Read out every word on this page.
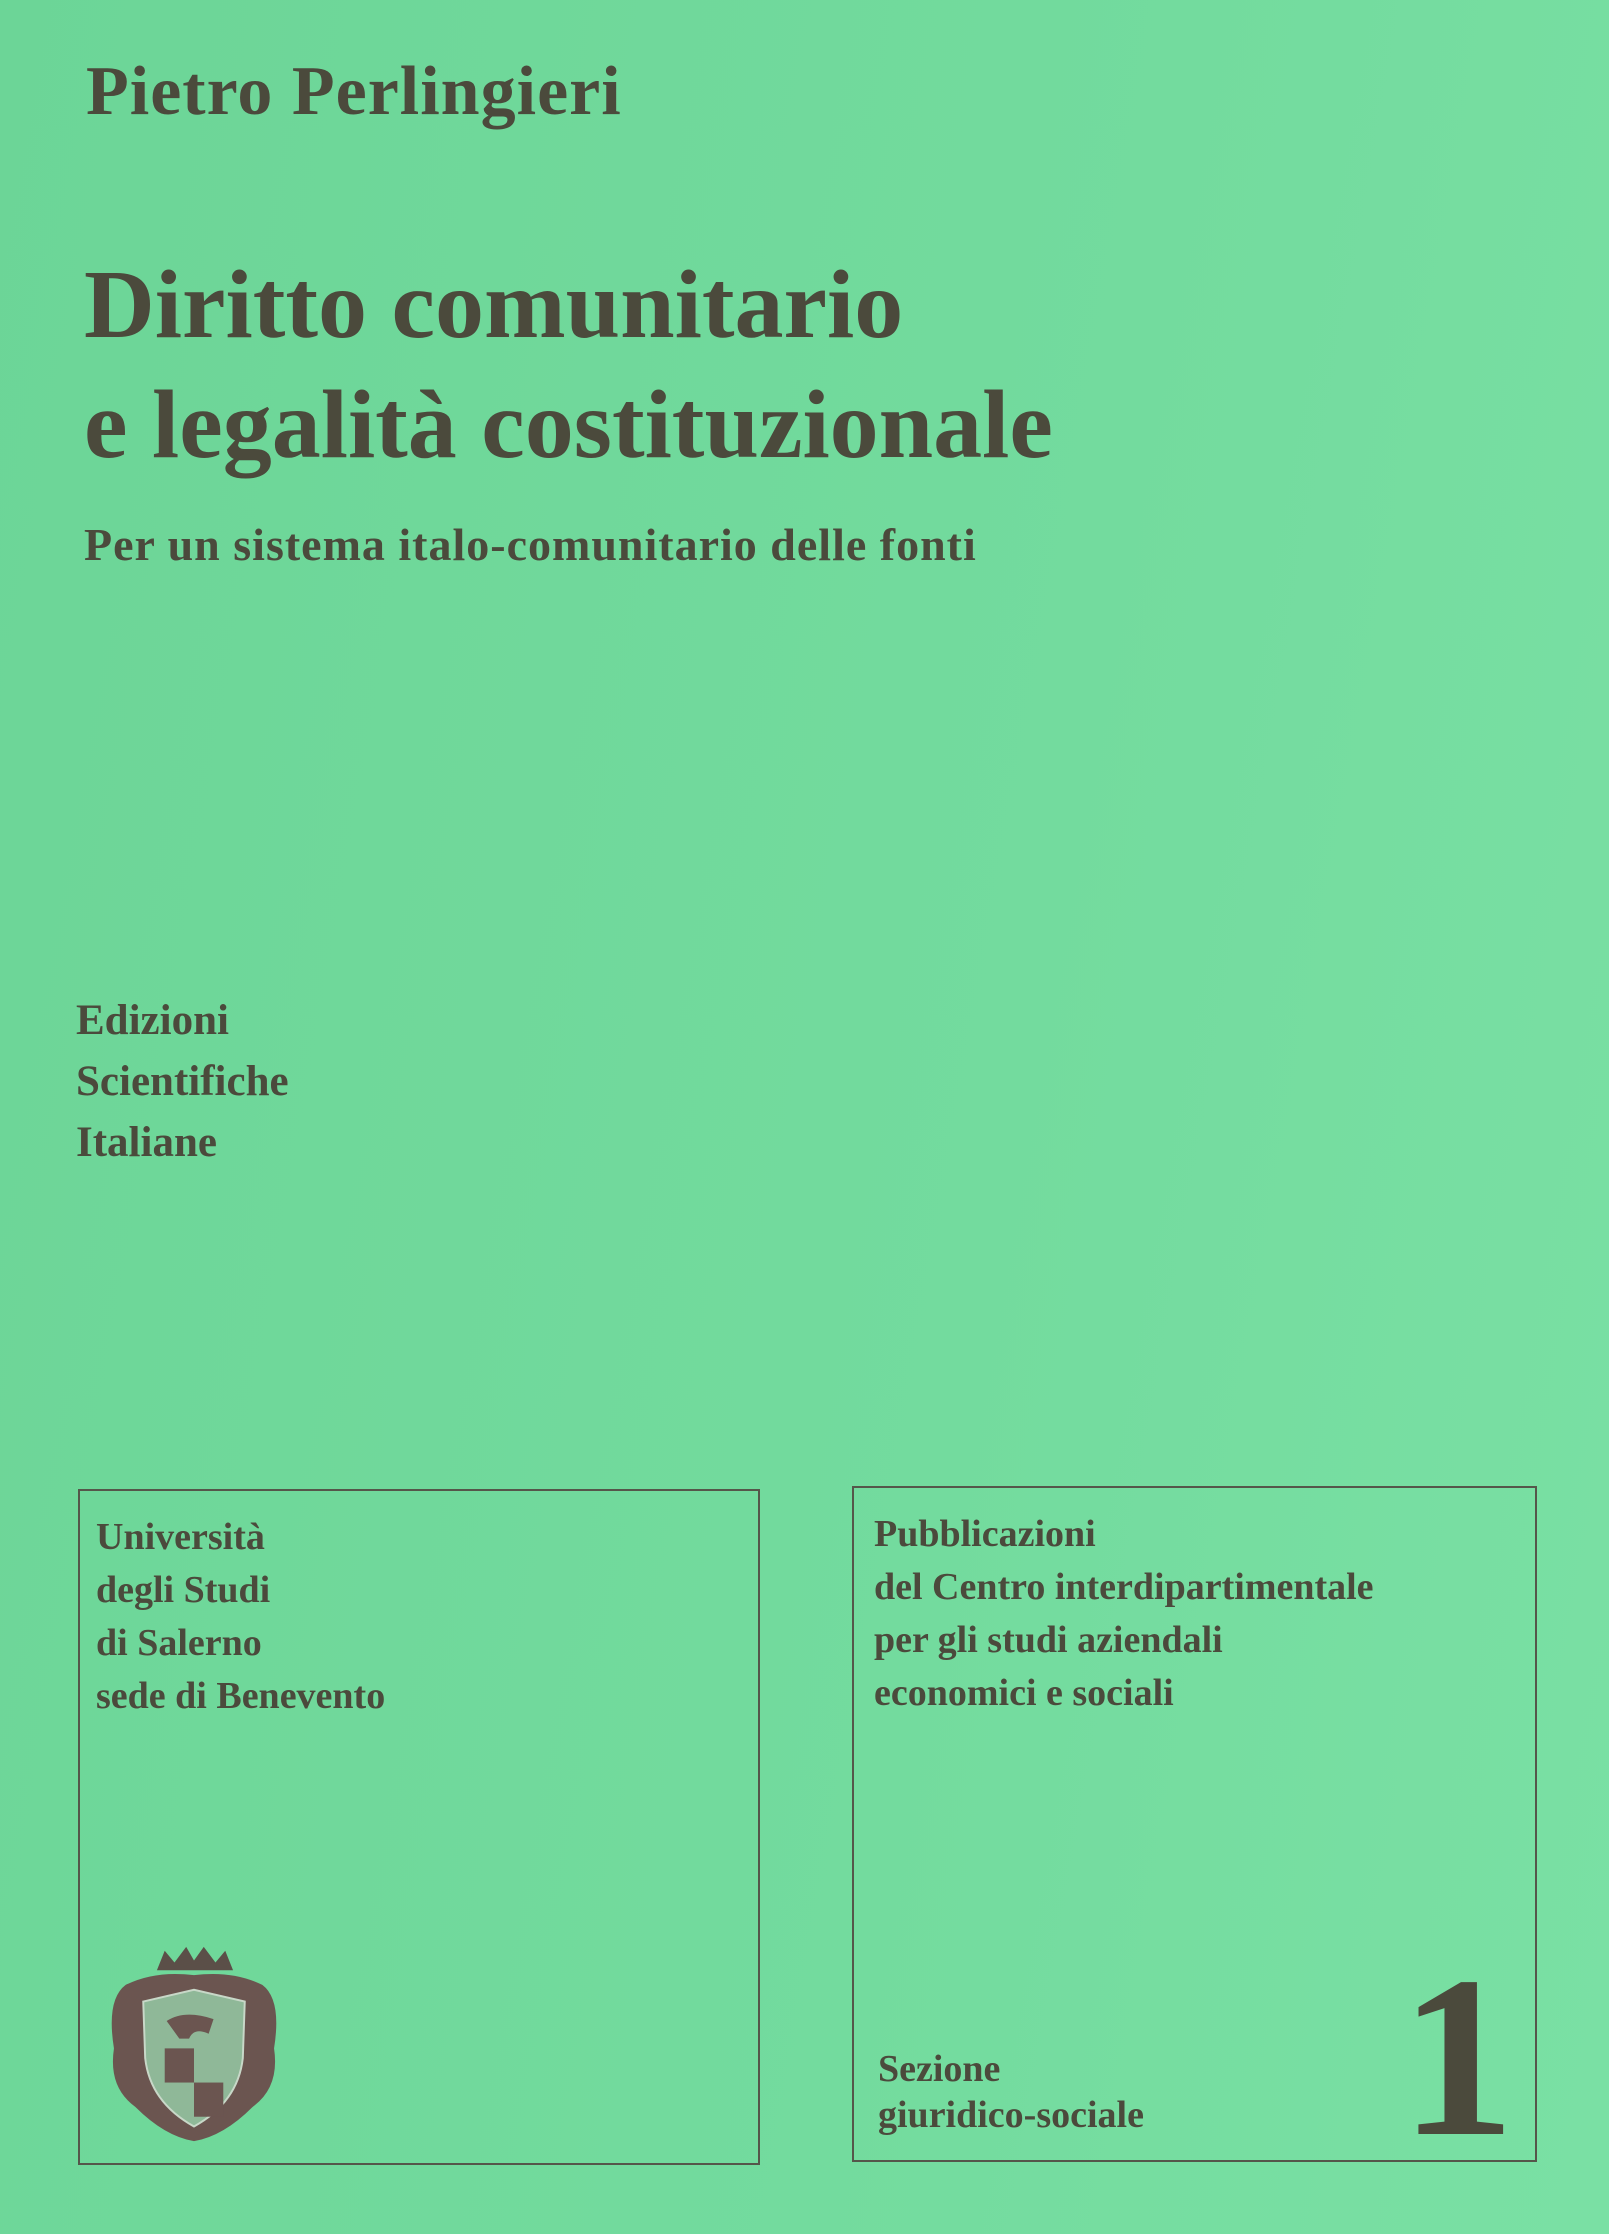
Pietro Perlingieri
Diritto comunitario
e legalità costituzionale
Per un sistema italo-comunitario delle fonti
Edizioni
Scientifiche
Italiane
Università
degli Studi
di Salerno
sede di Benevento
Pubblicazioni
del Centro interdipartimentale
per gli studi aziendali
economici e sociali
Sezione
giuridico-sociale 1
